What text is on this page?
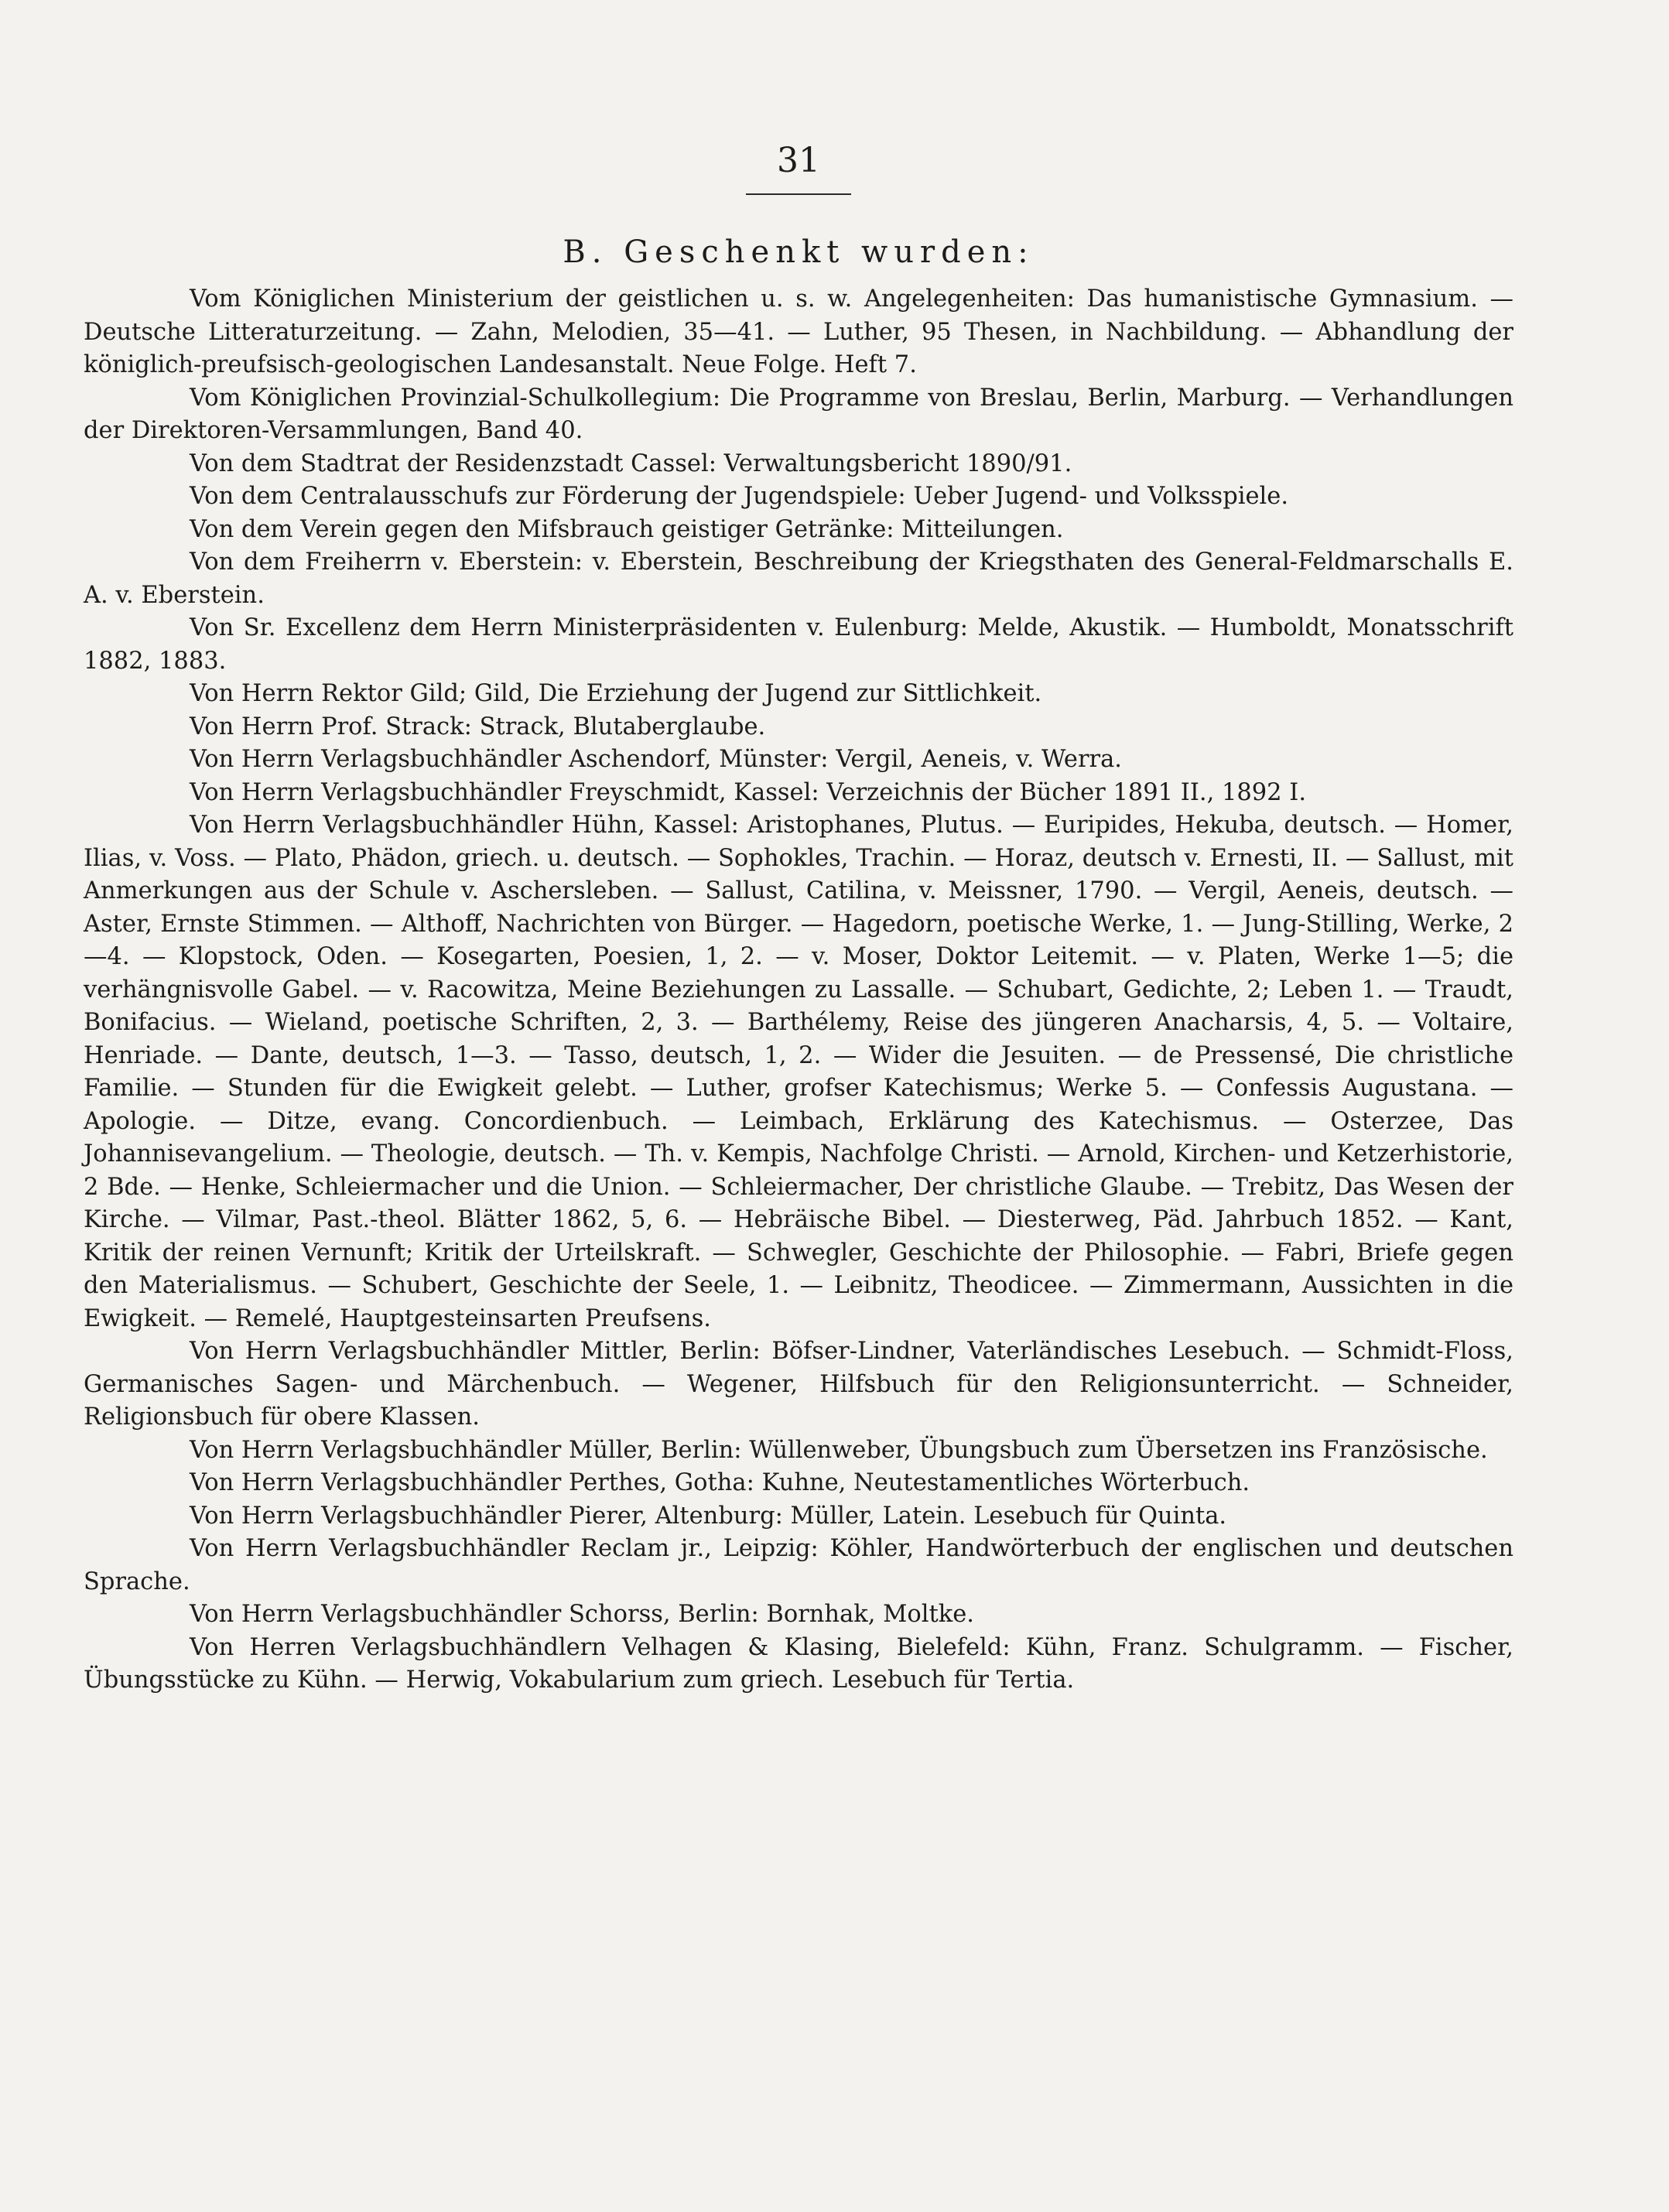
31

B. Geschenkt wurden:

Vom Königlichen Ministerium der geistlichen u. s. w. Angelegenheiten: Das humanistische Gymnasium. — Deutsche Litteraturzeitung. — Zahn, Melodien, 35—41. — Luther, 95 Thesen, in Nachbildung. — Abhandlung der königlich-preufsisch-geologischen Landesanstalt. Neue Folge. Heft 7.

Vom Königlichen Provinzial-Schulkollegium: Die Programme von Breslau, Berlin, Marburg. — Verhandlungen der Direktoren-Versammlungen, Band 40.

Von dem Stadtrat der Residenzstadt Cassel: Verwaltungsbericht 1890/91.

Von dem Centralausschufs zur Förderung der Jugendspiele: Ueber Jugend- und Volksspiele.

Von dem Verein gegen den Mifsbrauch geistiger Getränke: Mitteilungen.

Von dem Freiherrn v. Eberstein: v. Eberstein, Beschreibung der Kriegsthaten des General-Feldmarschalls E. A. v. Eberstein.

Von Sr. Excellenz dem Herrn Ministerpräsidenten v. Eulenburg: Melde, Akustik. — Humboldt, Monatsschrift 1882, 1883.

Von Herrn Rektor Gild; Gild, Die Erziehung der Jugend zur Sittlichkeit.

Von Herrn Prof. Strack: Strack, Blutaberglaube.

Von Herrn Verlagsbuchhändler Aschendorf, Münster: Vergil, Aeneis, v. Werra.

Von Herrn Verlagsbuchhändler Freyschmidt, Kassel: Verzeichnis der Bücher 1891 II., 1892 I.

Von Herrn Verlagsbuchhändler Hühn, Kassel: Aristophanes, Plutus. — Euripides, Hekuba, deutsch. — Homer, Ilias, v. Voss. — Plato, Phädon, griech. u. deutsch. — Sophokles, Trachin. — Horaz, deutsch v. Ernesti, II. — Sallust, mit Anmerkungen aus der Schule v. Aschersleben. — Sallust, Catilina, v. Meissner, 1790. — Vergil, Aeneis, deutsch. — Aster, Ernste Stimmen. — Althoff, Nachrichten von Bürger. — Hagedorn, poetische Werke, 1. — Jung-Stilling, Werke, 2—4. — Klopstock, Oden. — Kosegarten, Poesien, 1, 2. — v. Moser, Doktor Leitemit. — v. Platen, Werke 1—5; die verhängnisvolle Gabel. — v. Racowitza, Meine Beziehungen zu Lassalle. — Schubart, Gedichte, 2; Leben 1. — Traudt, Bonifacius. — Wieland, poetische Schriften, 2, 3. — Barthélemy, Reise des jüngeren Anacharsis, 4, 5. — Voltaire, Henriade. — Dante, deutsch, 1—3. — Tasso, deutsch, 1, 2. — Wider die Jesuiten. — de Pressensé, Die christliche Familie. — Stunden für die Ewigkeit gelebt. — Luther, grofser Katechismus; Werke 5. — Confessis Augustana. — Apologie. — Ditze, evang. Concordienbuch. — Leimbach, Erklärung des Katechismus. — Osterzee, Das Johannisevangelium. — Theologie, deutsch. — Th. v. Kempis, Nachfolge Christi. — Arnold, Kirchen- und Ketzerhistorie, 2 Bde. — Henke, Schleiermacher und die Union. — Schleiermacher, Der christliche Glaube. — Trebitz, Das Wesen der Kirche. — Vilmar, Past.-theol. Blätter 1862, 5, 6. — Hebräische Bibel. — Diesterweg, Päd. Jahrbuch 1852. — Kant, Kritik der reinen Vernunft; Kritik der Urteilskraft. — Schwegler, Geschichte der Philosophie. — Fabri, Briefe gegen den Materialismus. — Schubert, Geschichte der Seele, 1. — Leibnitz, Theodicee. — Zimmermann, Aussichten in die Ewigkeit. — Remelé, Hauptgesteinsarten Preufsens.

Von Herrn Verlagsbuchhändler Mittler, Berlin: Böfser-Lindner, Vaterländisches Lesebuch. — Schmidt-Floss, Germanisches Sagen- und Märchenbuch. — Wegener, Hilfsbuch für den Religionsunterricht. — Schneider, Religionsbuch für obere Klassen.

Von Herrn Verlagsbuchhändler Müller, Berlin: Wüllenweber, Übungsbuch zum Übersetzen ins Französische.

Von Herrn Verlagsbuchhändler Perthes, Gotha: Kuhne, Neutestamentliches Wörterbuch.

Von Herrn Verlagsbuchhändler Pierer, Altenburg: Müller, Latein. Lesebuch für Quinta.

Von Herrn Verlagsbuchhändler Reclam jr., Leipzig: Köhler, Handwörterbuch der englischen und deutschen Sprache.

Von Herrn Verlagsbuchhändler Schorss, Berlin: Bornhak, Moltke.

Von Herren Verlagsbuchhändlern Velhagen & Klasing, Bielefeld: Kühn, Franz. Schulgramm. — Fischer, Übungsstücke zu Kühn. — Herwig, Vokabularium zum griech. Lesebuch für Tertia.
